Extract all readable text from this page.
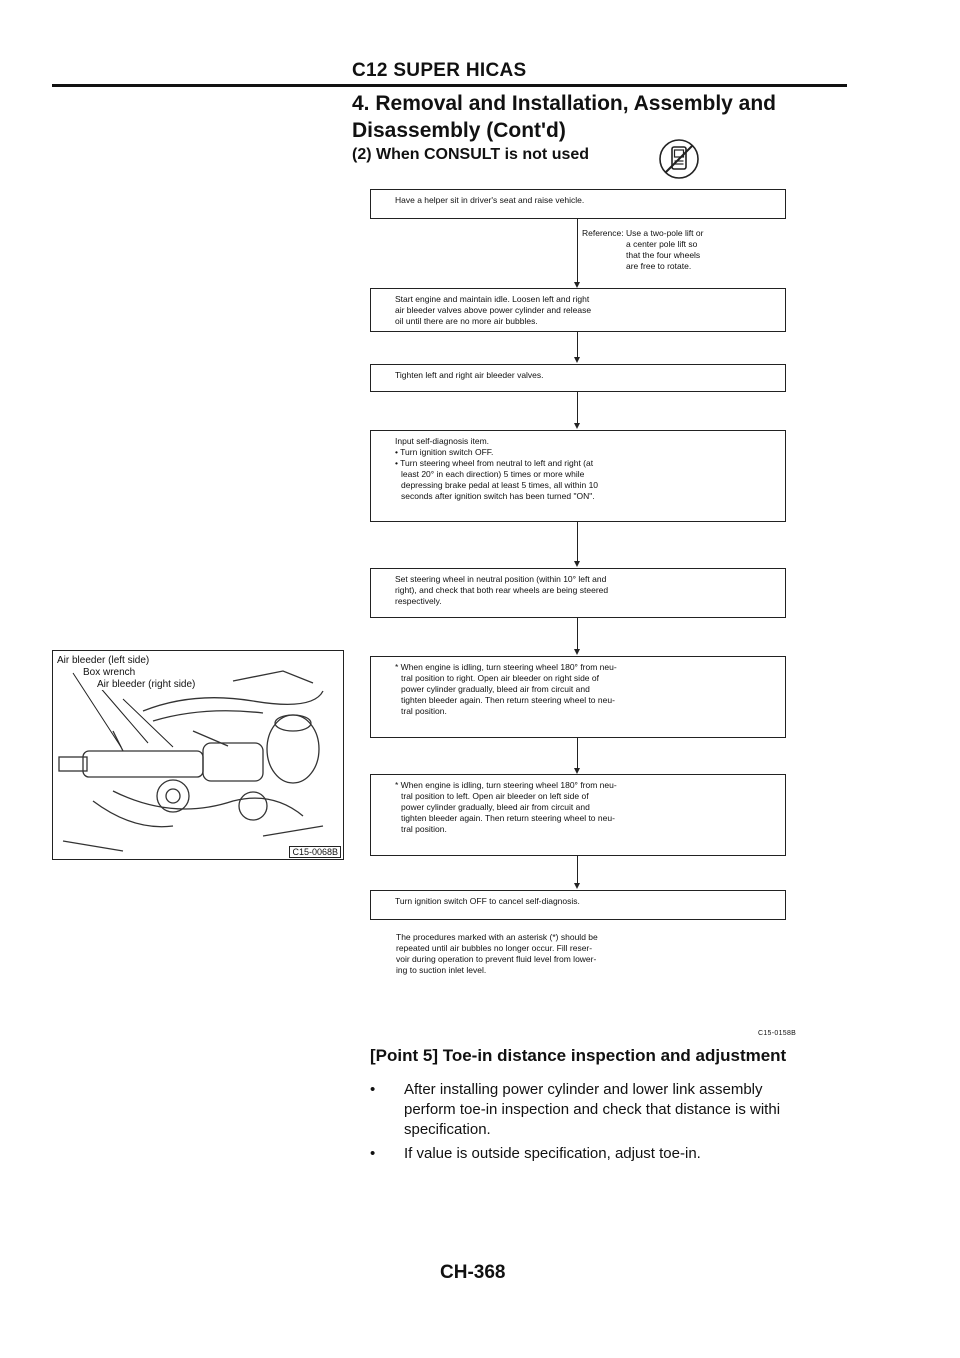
C12 SUPER HICAS
4. Removal and Installation, Assembly and
Disassembly (Cont'd)
(2) When CONSULT is not used
Air bleeder (left side)
Box wrench
Air bleeder (right side)
C15-0068B
Have a helper sit in driver's seat and raise vehicle.
Reference: Use a two-pole lift or
a center pole lift so
that the four wheels
are free to rotate.
Start engine and maintain idle. Loosen left and right
air bleeder valves above power cylinder and release
oil until there are no more air bubbles.
Tighten left and right air bleeder valves.
Input self-diagnosis item.
• Turn ignition switch OFF.
• Turn steering wheel from neutral to left and right (at
least 20° in each direction) 5 times or more while
depressing brake pedal at least 5 times, all within 10
seconds after ignition switch has been turned "ON".
Set steering wheel in neutral position (within 10° left and
right), and check that both rear wheels are being steered
respectively.
* When engine is idling, turn steering wheel 180° from neu-
tral position to right. Open air bleeder on right side of
power cylinder gradually, bleed air from circuit and
tighten bleeder again. Then return steering wheel to neu-
tral position.
* When engine is idling, turn steering wheel 180° from neu-
tral position to left. Open air bleeder on left side of
power cylinder gradually, bleed air from circuit and
tighten bleeder again. Then return steering wheel to neu-
tral position.
Turn ignition switch OFF to cancel self-diagnosis.
The procedures marked with an asterisk (*) should be
repeated until air bubbles no longer occur. Fill reser-
voir during operation to prevent fluid level from lower-
ing to suction inlet level.
C15-0158B
[Point 5] Toe-in distance inspection and adjustment
• After installing power cylinder and lower link assembly
perform toe-in inspection and check that distance is withi
specification.
• If value is outside specification, adjust toe-in.
CH-368
